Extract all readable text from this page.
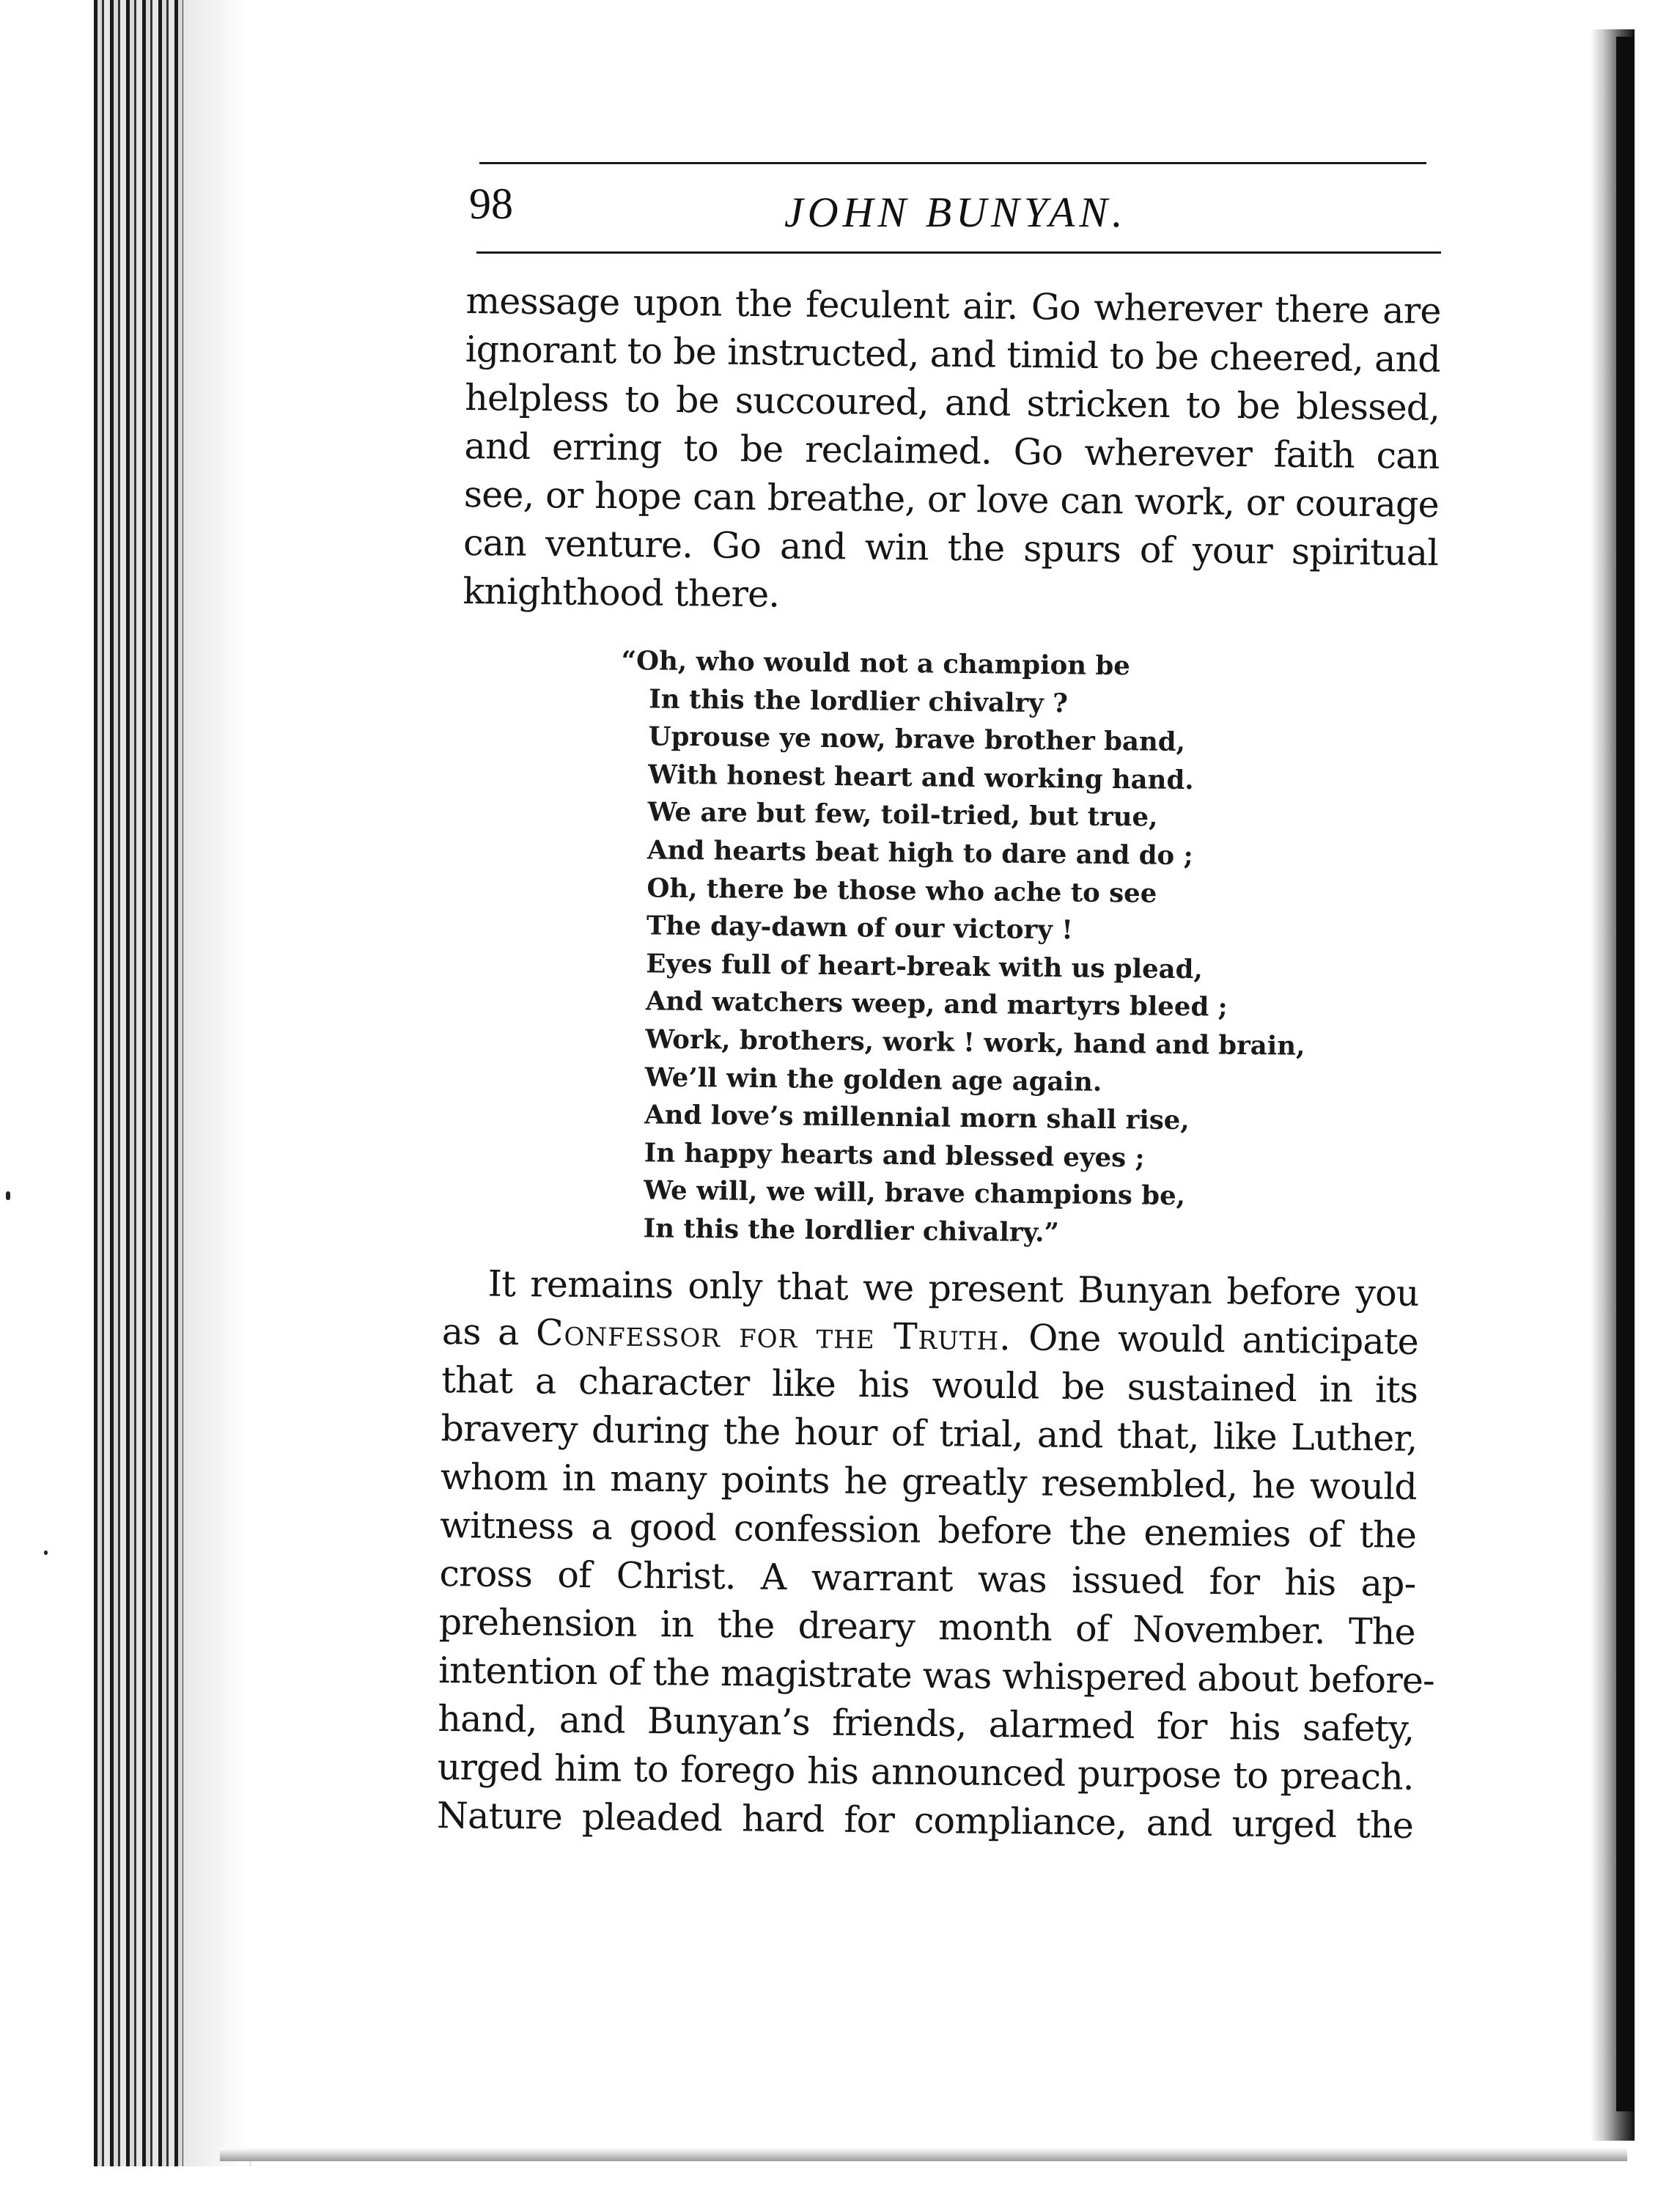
98	JOHN BUNYAN.
message upon the feculent air. Go wherever there are
ignorant to be instructed, and timid to be cheered, and
helpless to be succoured, and stricken to be blessed,
and erring to be reclaimed. Go wherever faith can
see, or hope can breathe, or love can work, or courage
can venture. Go and win the spurs of your spiritual
knighthood there.
“Oh, who would not a champion be
In this the lordlier chivalry ?
Uprouse ye now, brave brother band,
With honest heart and working hand.
We are but few, toil-tried, but true,
And hearts beat high to dare and do ;
Oh, there be those who ache to see
The day-dawn of our victory !
Eyes full of heart-break with us plead,
And watchers weep, and martyrs bleed ;
Work, brothers, work ! work, hand and brain,
We’ll win the golden age again.
And love’s millennial morn shall rise,
In happy hearts and blessed eyes ;
We will, we will, brave champions be,
In this the lordlier chivalry.”
It remains only that we present Bunyan before you
as a Confessor for the Truth. One would anticipate
that a character like his would be sustained in its
bravery during the hour of trial, and that, like Luther,
whom in many points he greatly resembled, he would
witness a good confession before the enemies of the
cross of Christ. A warrant was issued for his ap-
prehension in the dreary month of November. The
intention of the magistrate was whispered about before-
hand, and Bunyan’s friends, alarmed for his safety,
urged him to forego his announced purpose to preach.
Nature pleaded hard for compliance, and urged the
